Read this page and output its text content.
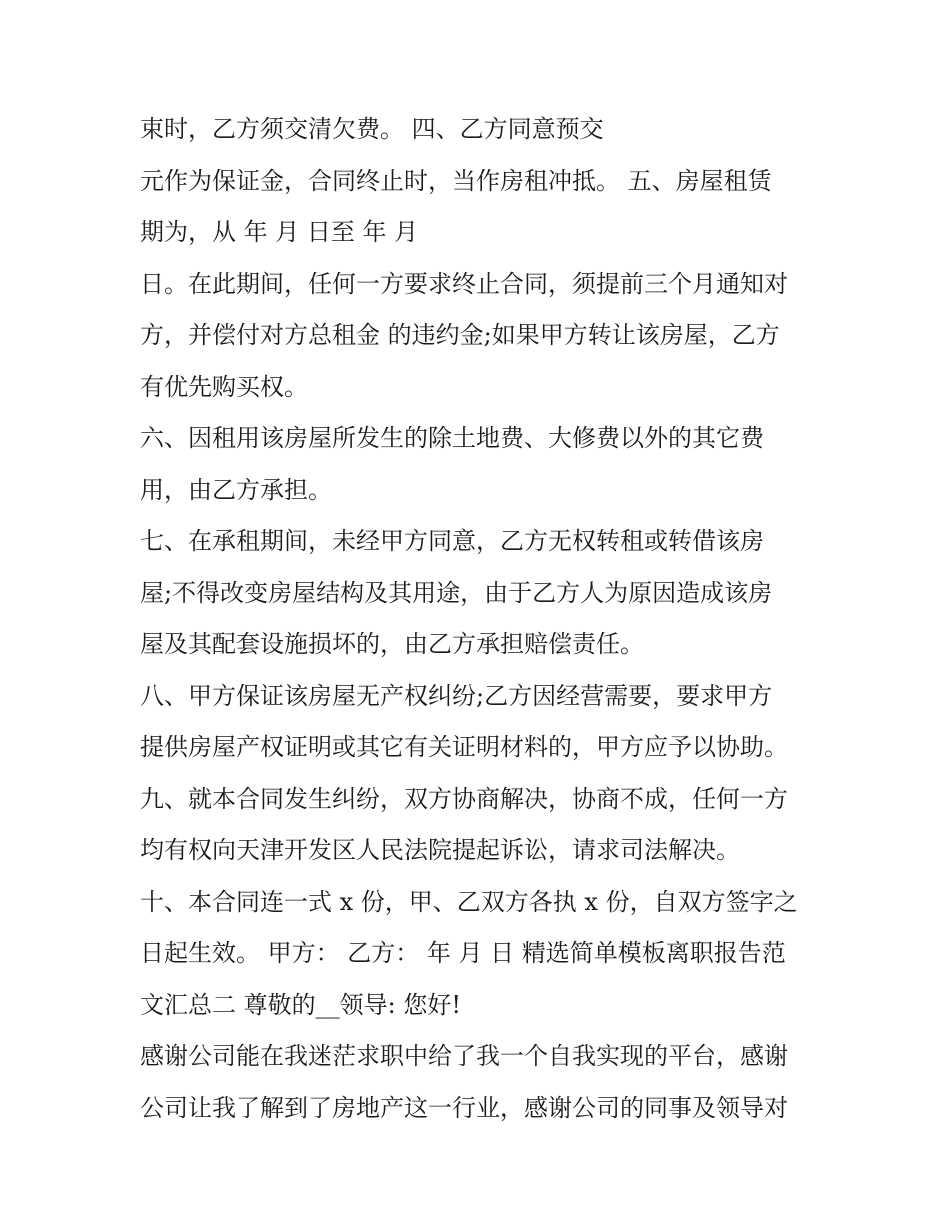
束时，乙方须交清欠费。 四、乙方同意预交
元作为保证金，合同终止时，当作房租冲抵。 五、房屋租赁
期为，从 年 月 日至 年 月
日。在此期间，任何一方要求终止合同，须提前三个月通知对
方，并偿付对方总租金 的违约金;如果甲方转让该房屋，乙方
有优先购买权。
六、因租用该房屋所发生的除土地费、大修费以外的其它费
用，由乙方承担。
七、在承租期间，未经甲方同意，乙方无权转租或转借该房
屋;不得改变房屋结构及其用途，由于乙方人为原因造成该房
屋及其配套设施损坏的，由乙方承担赔偿责任。
八、甲方保证该房屋无产权纠纷;乙方因经营需要，要求甲方
提供房屋产权证明或其它有关证明材料的，甲方应予以协助。
九、就本合同发生纠纷，双方协商解决，协商不成，任何一方
均有权向天津开发区人民法院提起诉讼，请求司法解决。
十、本合同连一式 x 份，甲、乙双方各执 x 份，自双方签字之
日起生效。 甲方： 乙方： 年 月 日 精选简单模板离职报告范
文汇总二 尊敬的__领导: 您好!
感谢公司能在我迷茫求职中给了我一个自我实现的平台，感谢
公司让我了解到了房地产这一行业，感谢公司的同事及领导对
